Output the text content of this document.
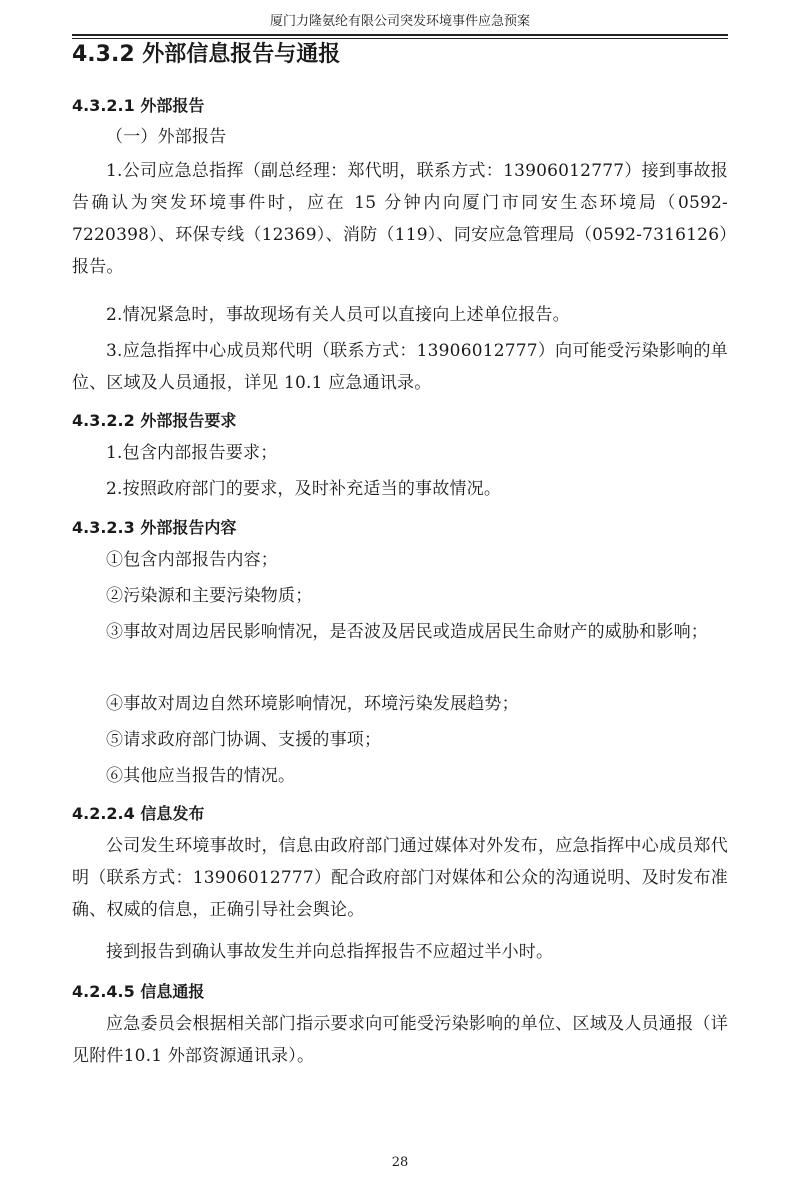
厦门力隆氨纶有限公司突发环境事件应急预案
4.3.2 外部信息报告与通报
4.3.2.1 外部报告

（一）外部报告

1.公司应急总指挥（副总经理：郑代明，联系方式：13906012777）接到事故报告确认为突发环境事件时，应在 15 分钟内向厦门市同安生态环境局（0592-7220398）、环保专线（12369）、消防（119）、同安应急管理局（0592-7316126）报告。

2.情况紧急时，事故现场有关人员可以直接向上述单位报告。

3.应急指挥中心成员郑代明（联系方式：13906012777）向可能受污染影响的单位、区域及人员通报，详见 10.1 应急通讯录。

4.3.2.2 外部报告要求

1.包含内部报告要求；

2.按照政府部门的要求，及时补充适当的事故情况。

4.3.2.3 外部报告内容

①包含内部报告内容；

②污染源和主要污染物质；

③事故对周边居民影响情况，是否波及居民或造成居民生命财产的威胁和影响；

④事故对周边自然环境影响情况，环境污染发展趋势；

⑤请求政府部门协调、支援的事项；

⑥其他应当报告的情况。

4.2.2.4 信息发布

公司发生环境事故时，信息由政府部门通过媒体对外发布，应急指挥中心成员郑代明（联系方式：13906012777）配合政府部门对媒体和公众的沟通说明、及时发布准确、权威的信息，正确引导社会舆论。

接到报告到确认事故发生并向总指挥报告不应超过半小时。

4.2.4.5 信息通报

应急委员会根据相关部门指示要求向可能受污染影响的单位、区域及人员通报（详见附件10.1 外部资源通讯录）。

28
